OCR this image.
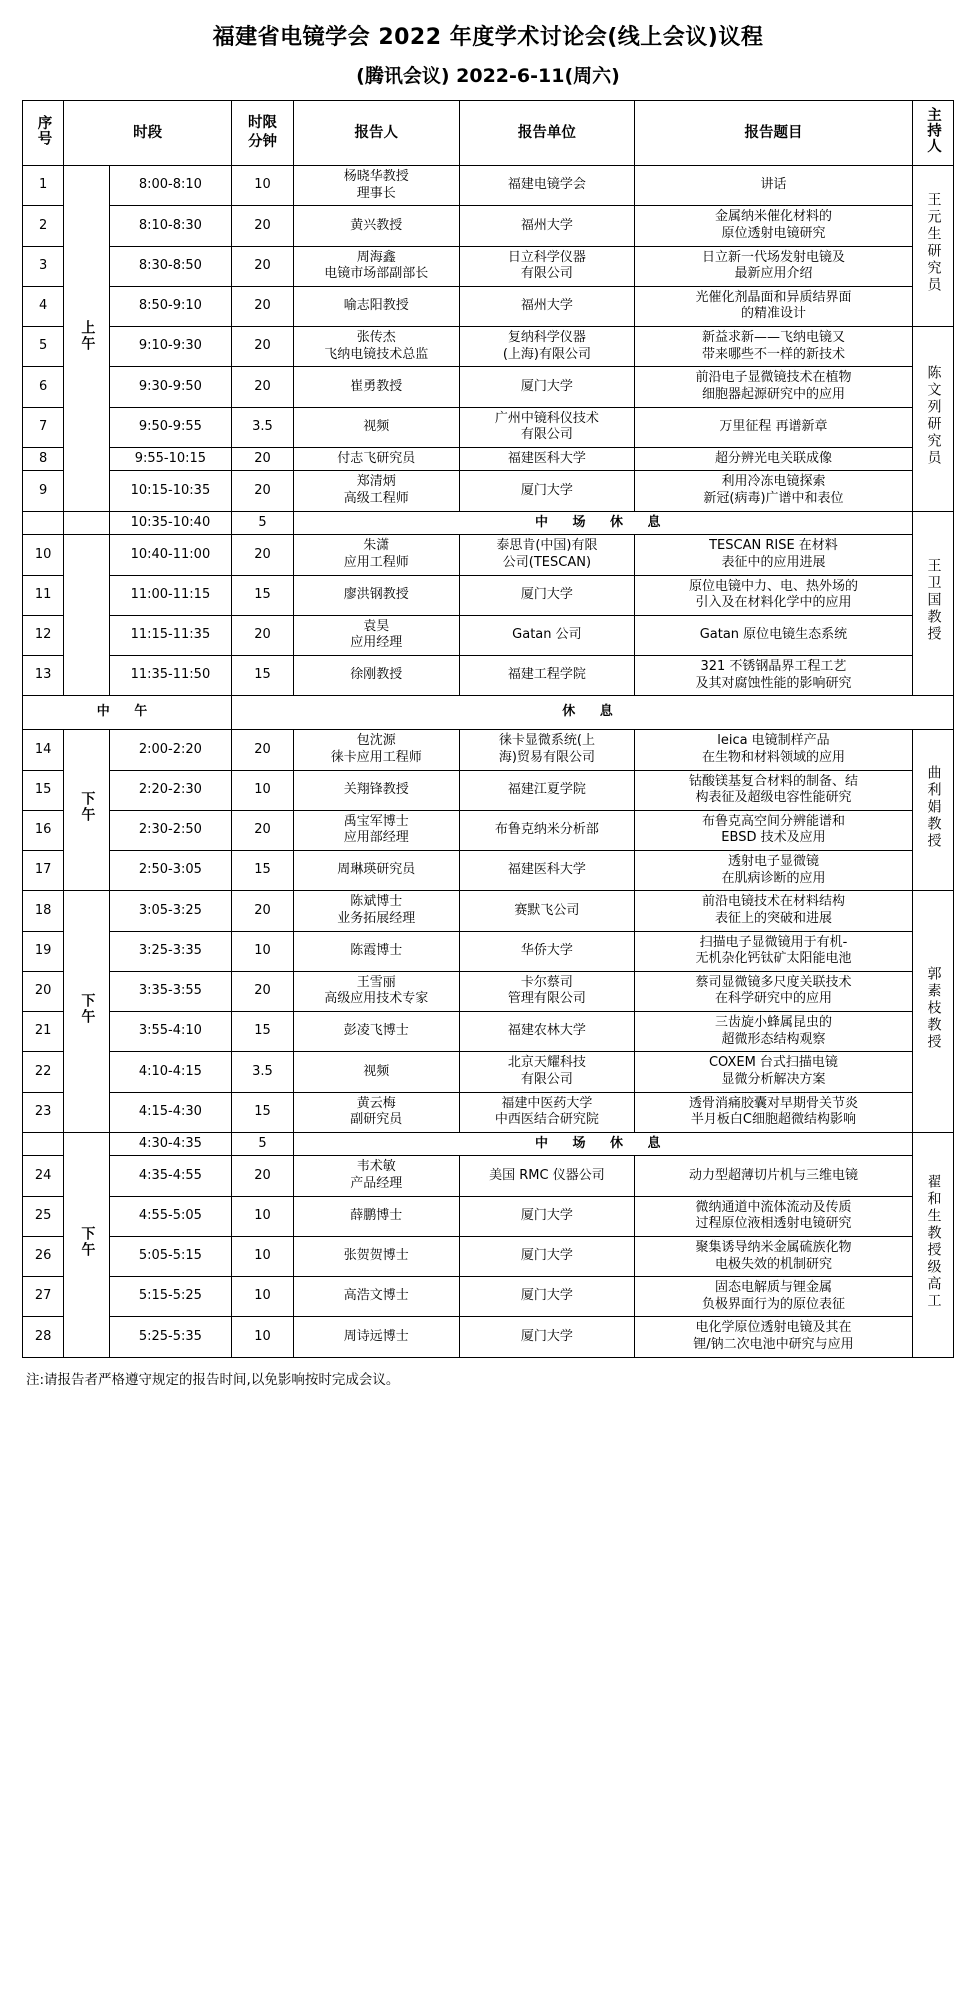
福建省电镜学会 2022 年度学术讨论会(线上会议)议程
(腾讯会议) 2022-6-11(周六)
序号	时段		时限
分钟	报告人	报告单位	报告题目	主持人
1	上午	8:00-8:10	10	杨晓华教授
理事长	福建电镜学会	讲话	王元生研究员
2		8:10-8:30	20	黄兴教授	福州大学	金属纳米催化材料的
原位透射电镜研究	

3		8:30-8:50	20	周海鑫
电镜市场部副部长	日立科学仪器
有限公司	日立新一代场发射电镜及
最新应用介绍	

4		8:50-9:10	20	喻志阳教授	福州大学	光催化剂晶面和异质结界面
的精准设计	

5		9:10-9:30	20	张传杰
飞纳电镜技术总监	复纳科学仪器
(上海)有限公司	新益求新——飞纳电镜又
带来哪些不一样的新技术	陈文列研究员
6		9:30-9:50	20	崔勇教授	厦门大学	前沿电子显微镜技术在植物
细胞器起源研究中的应用	

7		9:50-9:55	3.5	视频	广州中镜科仪技术
有限公司	万里征程 再谱新章	

8		9:55-10:15	20	付志飞研究员	福建医科大学	超分辨光电关联成像	

9		10:15-10:35	20	郑清炳
高级工程师	厦门大学	利用冷冻电镜探索
新冠(病毒)广谱中和表位	

		10:35-10:40	5	中 场 休 息			王卫国教授
10		10:40-11:00	20	朱潇
应用工程师	泰思肯(中国)有限
公司(TESCAN)	TESCAN RISE 在材料
表征中的应用进展	

11		11:00-11:15	15	廖洪钢教授	厦门大学	原位电镜中力、电、热外场的
引入及在材料化学中的应用	

12		11:15-11:35	20	袁昊
应用经理	Gatan 公司	Gatan 原位电镜生态系统	

13		11:35-11:50	15	徐刚教授	福建工程学院	321 不锈钢晶界工程工艺
及其对腐蚀性能的影响研究	

中 午			休 息				
14	下午	2:00-2:20	20	包沈源
徕卡应用工程师	徕卡显微系统(上
海)贸易有限公司	leica 电镜制样产品
在生物和材料领域的应用	曲利娟教授
15		2:20-2:30	10	关翔锋教授	福建江夏学院	钴酸镁基复合材料的制备、结
构表征及超级电容性能研究	

16		2:30-2:50	20	禹宝军博士
应用部经理	布鲁克纳米分析部	布鲁克高空间分辨能谱和
EBSD 技术及应用	

17		2:50-3:05	15	周琳瑛研究员	福建医科大学	透射电子显微镜
在肌病诊断的应用	

18	下午	3:05-3:25	20	陈斌博士
业务拓展经理	赛默飞公司	前沿电镜技术在材料结构
表征上的突破和进展	郭素枝教授
19		3:25-3:35	10	陈霞博士	华侨大学	扫描电子显微镜用于有机-
无机杂化钙钛矿太阳能电池	

20		3:35-3:55	20	王雪丽
高级应用技术专家	卡尔蔡司
管理有限公司	蔡司显微镜多尺度关联技术
在科学研究中的应用	

21		3:55-4:10	15	彭凌飞博士	福建农林大学	三齿旋小蜂属昆虫的
超微形态结构观察	

22		4:10-4:15	3.5	视频	北京天耀科技
有限公司	COXEM 台式扫描电镜
显微分析解决方案	

23		4:15-4:30	15	黄云梅
副研究员	福建中医药大学
中西医结合研究院	透骨消痛胶囊对早期骨关节炎
半月板白C细胞超微结构影响	

	下午	4:30-4:35	5	中 场 休 息			翟和生教授级高工
24		4:35-4:55	20	韦术敏
产品经理	美国 RMC 仪器公司	动力型超薄切片机与三维电镜	

25		4:55-5:05	10	薛鹏博士	厦门大学	微纳通道中流体流动及传质
过程原位液相透射电镜研究	

26		5:05-5:15	10	张贺贺博士	厦门大学	聚集诱导纳米金属硫族化物
电极失效的机制研究	

27		5:15-5:25	10	高浩文博士	厦门大学	固态电解质与锂金属
负极界面行为的原位表征	

28		5:25-5:35	10	周诗远博士	厦门大学	电化学原位透射电镜及其在
锂/钠二次电池中研究与应用	
注:请报告者严格遵守规定的报告时间,以免影响按时完成会议。
